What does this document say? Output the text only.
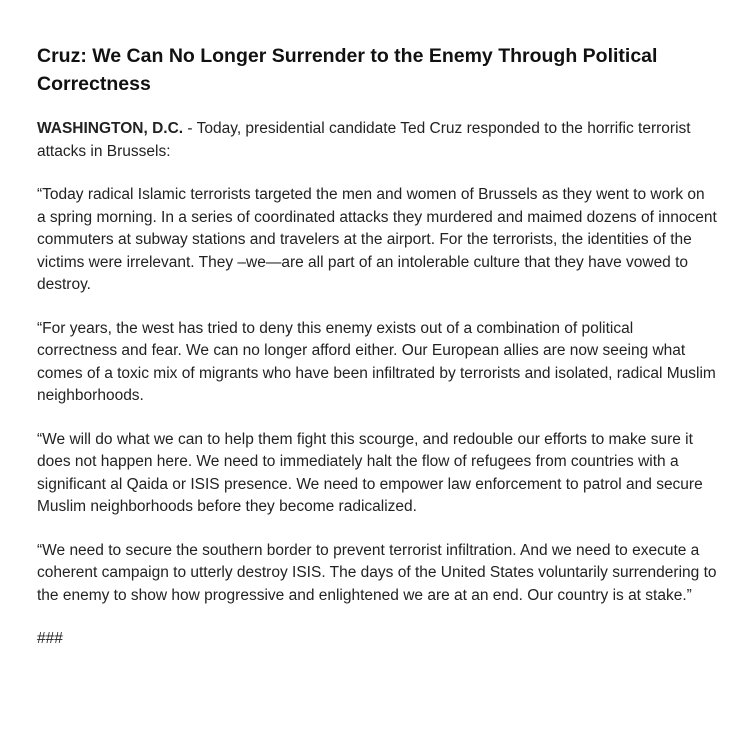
Cruz: We Can No Longer Surrender to the Enemy Through Political Correctness

WASHINGTON, D.C. - Today, presidential candidate Ted Cruz responded to the horrific terrorist attacks in Brussels:

“Today radical Islamic terrorists targeted the men and women of Brussels as they went to work on a spring morning. In a series of coordinated attacks they murdered and maimed dozens of innocent commuters at subway stations and travelers at the airport. For the terrorists, the identities of the victims were irrelevant. They –we—are all part of an intolerable culture that they have vowed to destroy.

“For years, the west has tried to deny this enemy exists out of a combination of political correctness and fear. We can no longer afford either. Our European allies are now seeing what comes of a toxic mix of migrants who have been infiltrated by terrorists and isolated, radical Muslim neighborhoods.

“We will do what we can to help them fight this scourge, and redouble our efforts to make sure it does not happen here. We need to immediately halt the flow of refugees from countries with a significant al Qaida or ISIS presence. We need to empower law enforcement to patrol and secure Muslim neighborhoods before they become radicalized.

“We need to secure the southern border to prevent terrorist infiltration. And we need to execute a coherent campaign to utterly destroy ISIS. The days of the United States voluntarily surrendering to the enemy to show how progressive and enlightened we are at an end. Our country is at stake.”

###
